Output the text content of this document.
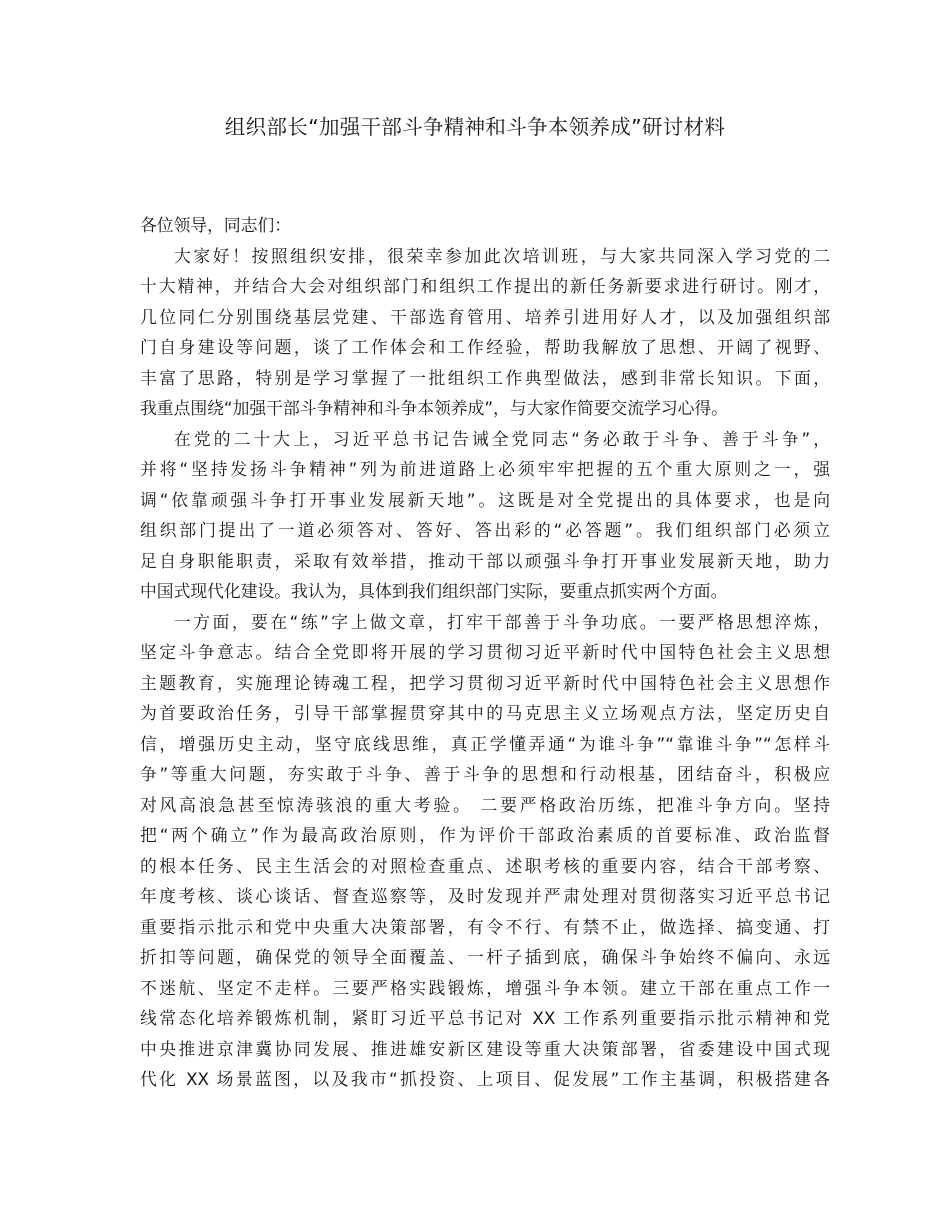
组织部长“加强干部斗争精神和斗争本领养成”研讨材料
各位领导，同志们：
大家好！按照组织安排，很荣幸参加此次培训班，与大家共同深入学习党的二
十大精神，并结合大会对组织部门和组织工作提出的新任务新要求进行研讨。刚才，
几位同仁分别围绕基层党建、干部选育管用、培养引进用好人才，以及加强组织部
门自身建设等问题，谈了工作体会和工作经验，帮助我解放了思想、开阔了视野、
丰富了思路，特别是学习掌握了一批组织工作典型做法，感到非常长知识。下面，
我重点围绕“加强干部斗争精神和斗争本领养成”，与大家作简要交流学习心得。
在党的二十大上，习近平总书记告诫全党同志“务必敢于斗争、善于斗争”，
并将“坚持发扬斗争精神”列为前进道路上必须牢牢把握的五个重大原则之一，强
调“依靠顽强斗争打开事业发展新天地”。这既是对全党提出的具体要求，也是向
组织部门提出了一道必须答对、答好、答出彩的“必答题”。我们组织部门必须立
足自身职能职责，采取有效举措，推动干部以顽强斗争打开事业发展新天地，助力
中国式现代化建设。我认为，具体到我们组织部门实际，要重点抓实两个方面。
一方面，要在“练”字上做文章，打牢干部善于斗争功底。一要严格思想淬炼，
坚定斗争意志。结合全党即将开展的学习贯彻习近平新时代中国特色社会主义思想
主题教育，实施理论铸魂工程，把学习贯彻习近平新时代中国特色社会主义思想作
为首要政治任务，引导干部掌握贯穿其中的马克思主义立场观点方法，坚定历史自
信，增强历史主动，坚守底线思维，真正学懂弄通“为谁斗争”“靠谁斗争”“怎样斗
争”等重大问题，夯实敢于斗争、善于斗争的思想和行动根基，团结奋斗，积极应
对风高浪急甚至惊涛骇浪的重大考验。 二要严格政治历练，把准斗争方向。坚持
把“两个确立”作为最高政治原则，作为评价干部政治素质的首要标准、政治监督
的根本任务、民主生活会的对照检查重点、述职考核的重要内容，结合干部考察、
年度考核、谈心谈话、督查巡察等，及时发现并严肃处理对贯彻落实习近平总书记
重要指示批示和党中央重大决策部署，有令不行、有禁不止，做选择、搞变通、打
折扣等问题，确保党的领导全面覆盖、一杆子插到底，确保斗争始终不偏向、永远
不迷航、坚定不走样。三要严格实践锻炼，增强斗争本领。建立干部在重点工作一
线常态化培养锻炼机制，紧盯习近平总书记对 XX 工作系列重要指示批示精神和党
中央推进京津冀协同发展、推进雄安新区建设等重大决策部署，省委建设中国式现
代化 XX 场景蓝图，以及我市“抓投资、上项目、促发展”工作主基调，积极搭建各
